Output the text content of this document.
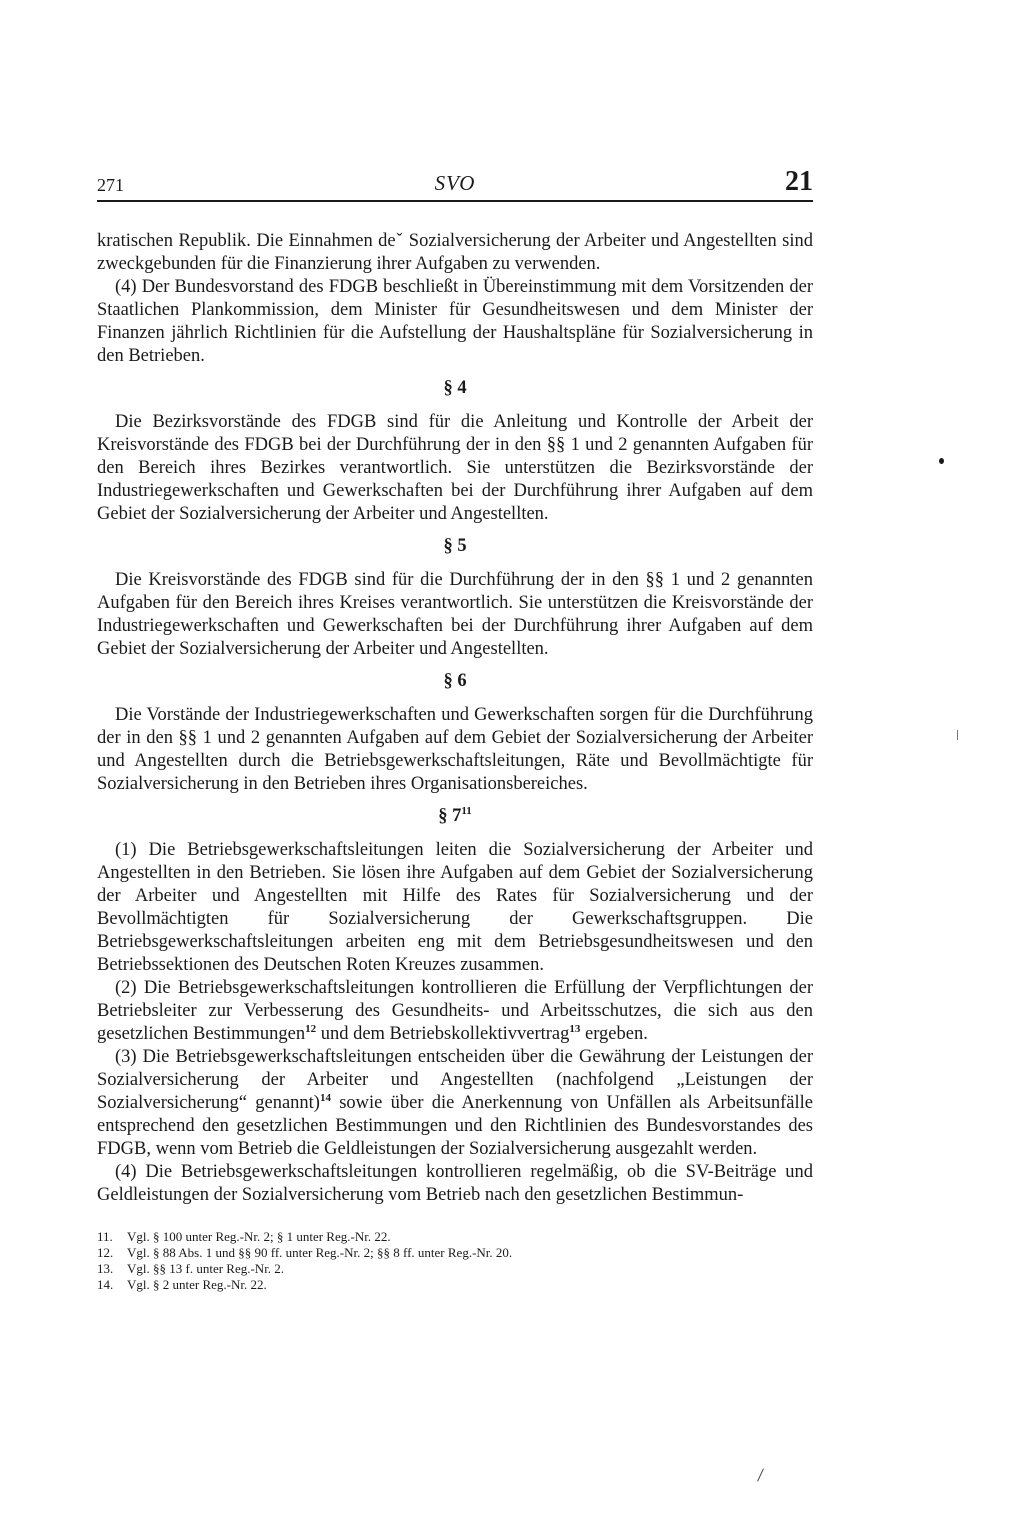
271	SVO	21

kratischen Republik. Die Einnahmen deˇ Sozialversicherung der Arbeiter und Angestellten sind zweckgebunden für die Finanzierung ihrer Aufgaben zu verwenden.

(4) Der Bundesvorstand des FDGB beschließt in Übereinstimmung mit dem Vorsitzenden der Staatlichen Plankommission, dem Minister für Gesundheitswesen und dem Minister der Finanzen jährlich Richtlinien für die Aufstellung der Haushaltspläne für Sozialversicherung in den Betrieben.

§ 4

Die Bezirksvorstände des FDGB sind für die Anleitung und Kontrolle der Arbeit der Kreisvorstände des FDGB bei der Durchführung der in den §§ 1 und 2 genannten Aufgaben für den Bereich ihres Bezirkes verantwortlich. Sie unterstützen die Bezirksvorstände der Industriegewerkschaften und Gewerkschaften bei der Durchführung ihrer Aufgaben auf dem Gebiet der Sozialversicherung der Arbeiter und Angestellten.

§ 5

Die Kreisvorstände des FDGB sind für die Durchführung der in den §§ 1 und 2 genannten Aufgaben für den Bereich ihres Kreises verantwortlich. Sie unterstützen die Kreisvorstände der Industriegewerkschaften und Gewerkschaften bei der Durchführung ihrer Aufgaben auf dem Gebiet der Sozialversicherung der Arbeiter und Angestellten.

§ 6

Die Vorstände der Industriegewerkschaften und Gewerkschaften sorgen für die Durchführung der in den §§ 1 und 2 genannten Aufgaben auf dem Gebiet der Sozialversicherung der Arbeiter und Angestellten durch die Betriebsgewerkschaftsleitungen, Räte und Bevollmächtigte für Sozialversicherung in den Betrieben ihres Organisationsbereiches.

§ $7^{11}$

(1) Die Betriebsgewerkschaftsleitungen leiten die Sozialversicherung der Arbeiter und Angestellten in den Betrieben. Sie lösen ihre Aufgaben auf dem Gebiet der Sozialversicherung der Arbeiter und Angestellten mit Hilfe des Rates für Sozialversicherung und der Bevollmächtigten für Sozialversicherung der Gewerkschaftsgruppen. Die Betriebsgewerkschaftsleitungen arbeiten eng mit dem Betriebsgesundheitswesen und den Betriebssektionen des Deutschen Roten Kreuzes zusammen.

(2) Die Betriebsgewerkschaftsleitungen kontrollieren die Erfüllung der Verpflichtungen der Betriebsleiter zur Verbesserung des Gesundheits- und Arbeitsschutzes, die sich aus den gesetzlichen Bestimmungen$^{12}$ und dem Betriebskollektivvertrag$^{13}$ ergeben.

(3) Die Betriebsgewerkschaftsleitungen entscheiden über die Gewährung der Leistungen der Sozialversicherung der Arbeiter und Angestellten (nachfolgend „Leistungen der Sozialversicherung“ genannt)$^{14}$ sowie über die Anerkennung von Unfällen als Arbeitsunfälle entsprechend den gesetzlichen Bestimmungen und den Richtlinien des Bundesvorstandes des FDGB, wenn vom Betrieb die Geldleistungen der Sozialversicherung ausgezahlt werden.

(4) Die Betriebsgewerkschaftsleitungen kontrollieren regelmäßig, ob die SV-Beiträge und Geldleistungen der Sozialversicherung vom Betrieb nach den gesetzlichen Bestimmun-

11. Vgl. § 100 unter Reg.-Nr. 2; § 1 unter Reg.-Nr. 22.
12. Vgl. § 88 Abs. 1 und §§ 90 ff. unter Reg.-Nr. 2; §§ 8 ff. unter Reg.-Nr. 20.
13. Vgl. §§ 13 f. unter Reg.-Nr. 2.
14. Vgl. § 2 unter Reg.-Nr. 22.
